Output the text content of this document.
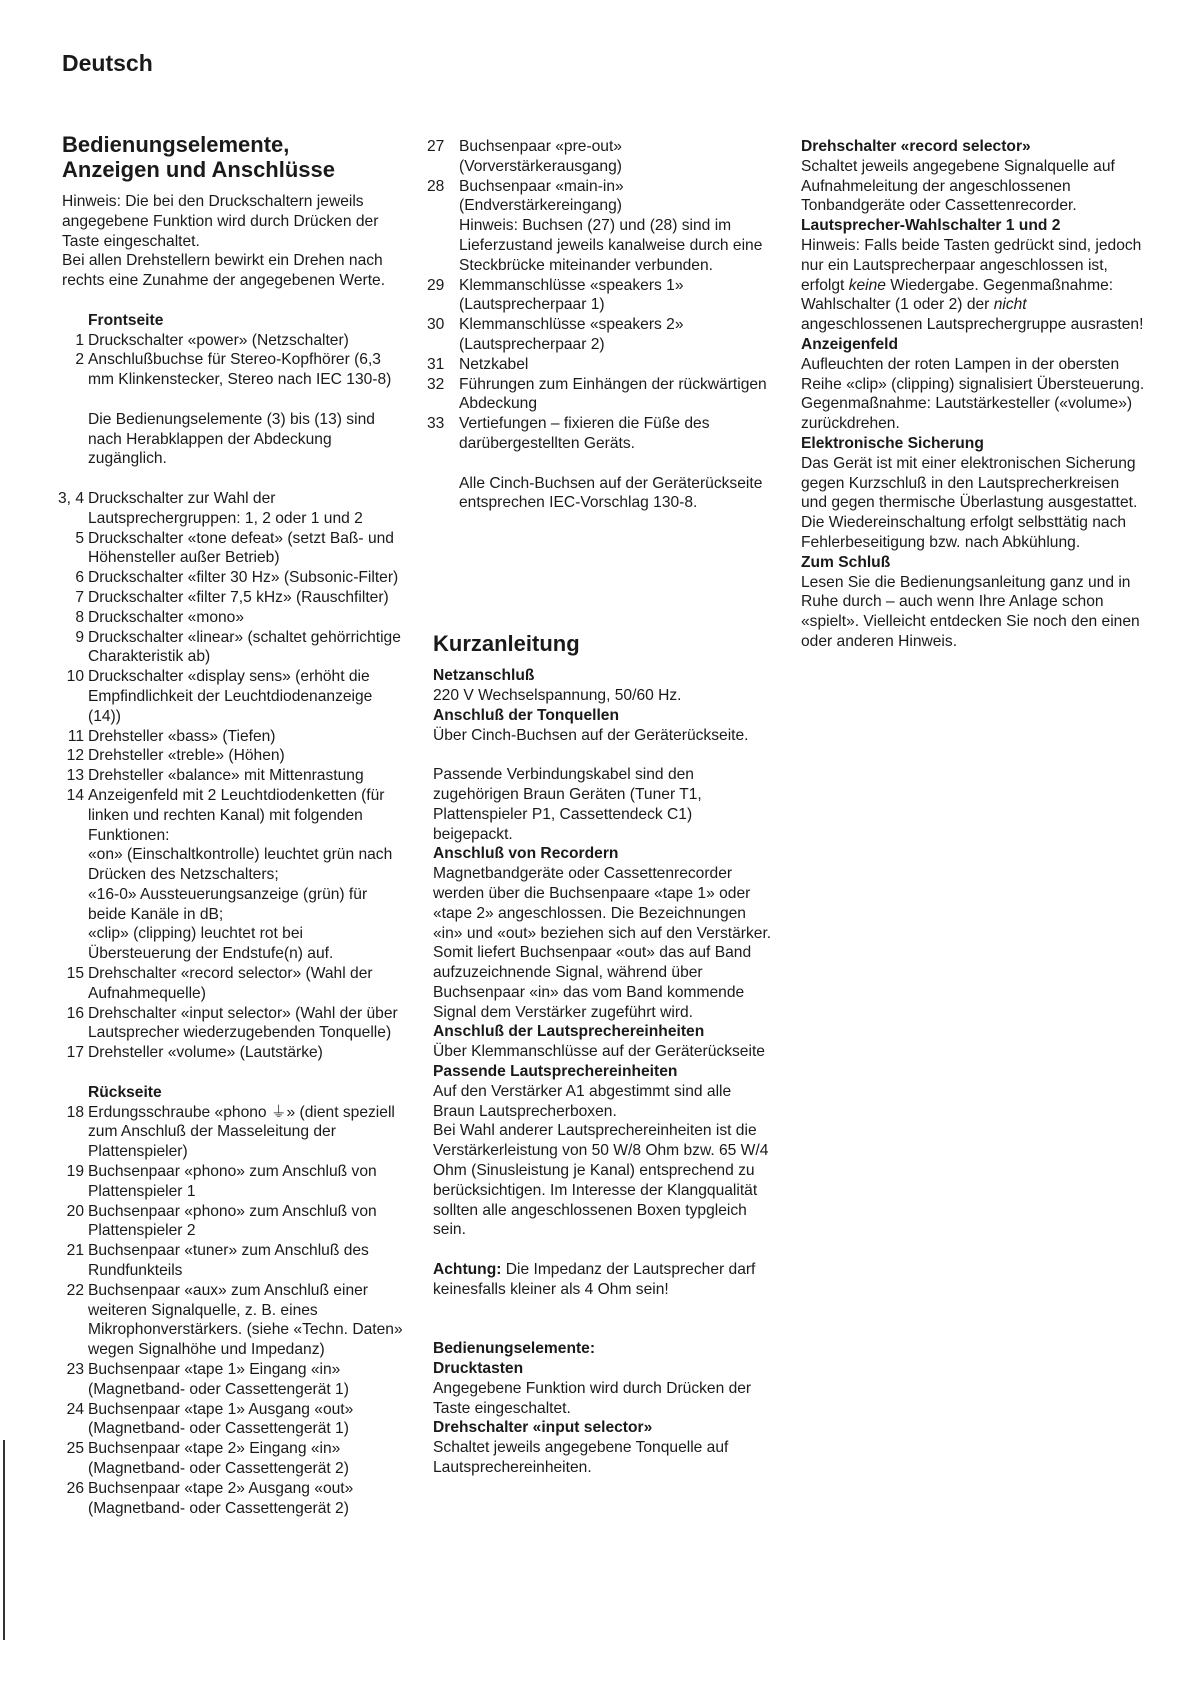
Deutsch
Bedienungselemente,
Anzeigen und Anschlüsse

Hinweis: Die bei den Druckschaltern jeweils angegebene Funktion wird durch Drücken der Taste eingeschaltet.

Bei allen Drehstellern bewirkt ein Drehen nach rechts eine Zunahme der angegebenen Werte.

Frontseite

1 Druckschalter «power» (Netzschalter)
2 Anschlußbuchse für Stereo-Kopfhörer (6,3 mm Klinkenstecker, Stereo nach IEC 130-8)

Die Bedienungselemente (3) bis (13) sind nach Herabklappen der Abdeckung zugänglich.

3, 4 Druckschalter zur Wahl der Lautsprechergruppen: 1, 2 oder 1 und 2
5 Druckschalter «tone defeat» (setzt Baß- und Höhensteller außer Betrieb)
6 Druckschalter «filter 30 Hz» (Subsonic-Filter)
7 Druckschalter «filter 7,5 kHz» (Rauschfilter)
8 Druckschalter «mono»
9 Druckschalter «linear» (schaltet gehörrichtige Charakteristik ab)
10 Druckschalter «display sens» (erhöht die Empfindlichkeit der Leuchtdiodenanzeige (14))
11 Drehsteller «bass» (Tiefen)
12 Drehsteller «treble» (Höhen)
13 Drehsteller «balance» mit Mittenrastung
14 Anzeigenfeld mit 2 Leuchtdiodenketten (für linken und rechten Kanal) mit folgenden Funktionen:

«on» (Einschaltkontrolle) leuchtet grün nach Drücken des Netzschalters;

«16-0» Aussteuerungsanzeige (grün) für beide Kanäle in dB;

«clip» (clipping) leuchtet rot bei Übersteuerung der Endstufe(n) auf.

15 Drehschalter «record selector» (Wahl der Aufnahmequelle)
16 Drehschalter «input selector» (Wahl der über Lautsprecher wiederzugebenden Tonquelle)
17 Drehsteller «volume» (Lautstärke)

Rückseite

18 Erdungsschraube «phono ⏚» (dient speziell zum Anschluß der Masseleitung der Plattenspieler)
19 Buchsenpaar «phono» zum Anschluß von Plattenspieler 1
20 Buchsenpaar «phono» zum Anschluß von Plattenspieler 2
21 Buchsenpaar «tuner» zum Anschluß des Rundfunkteils
22 Buchsenpaar «aux» zum Anschluß einer weiteren Signalquelle, z. B. eines Mikrophonverstärkers. (siehe «Techn. Daten» wegen Signalhöhe und Impedanz)
23 Buchsenpaar «tape 1» Eingang «in» (Magnetband- oder Cassettengerät 1)
24 Buchsenpaar «tape 1» Ausgang «out» (Magnetband- oder Cassettengerät 1)
25 Buchsenpaar «tape 2» Eingang «in» (Magnetband- oder Cassettengerät 2)
26 Buchsenpaar «tape 2» Ausgang «out» (Magnetband- oder Cassettengerät 2)
27 Buchsenpaar «pre-out» (Vorverstärkerausgang)
28 Buchsenpaar «main-in» (Endverstärkereingang)

Hinweis: Buchsen (27) und (28) sind im Lieferzustand jeweils kanalweise durch eine Steckbrücke miteinander verbunden.

29 Klemmanschlüsse «speakers 1» (Lautsprecherpaar 1)
30 Klemmanschlüsse «speakers 2» (Lautsprecherpaar 2)
31 Netzkabel
32 Führungen zum Einhängen der rückwärtigen Abdeckung
33 Vertiefungen – fixieren die Füße des darübergestellten Geräts.

Alle Cinch-Buchsen auf der Geräterückseite entsprechen IEC-Vorschlag 130-8.

Kurzanleitung

Netzanschluß

220 V Wechselspannung, 50/60 Hz.

Anschluß der Tonquellen

Über Cinch-Buchsen auf der Geräterückseite.

Passende Verbindungskabel sind den zugehörigen Braun Geräten (Tuner T1, Plattenspieler P1, Cassettendeck C1) beigepackt.

Anschluß von Recordern

Magnetbandgeräte oder Cassettenrecorder werden über die Buchsenpaare «tape 1» oder «tape 2» angeschlossen. Die Bezeichnungen «in» und «out» beziehen sich auf den Verstärker. Somit liefert Buchsenpaar «out» das auf Band aufzuzeichnende Signal, während über Buchsenpaar «in» das vom Band kommende Signal dem Verstärker zugeführt wird.

Anschluß der Lautsprechereinheiten

Über Klemmanschlüsse auf der Geräterückseite

Passende Lautsprechereinheiten

Auf den Verstärker A1 abgestimmt sind alle Braun Lautsprecherboxen.

Bei Wahl anderer Lautsprechereinheiten ist die Verstärkerleistung von 50 W/8 Ohm bzw. 65 W/4 Ohm (Sinusleistung je Kanal) entsprechend zu berücksichtigen. Im Interesse der Klangqualität sollten alle angeschlossenen Boxen typgleich sein.

Achtung: Die Impedanz der Lautsprecher darf keinesfalls kleiner als 4 Ohm sein!

Bedienungselemente:

Drucktasten

Angegebene Funktion wird durch Drücken der Taste eingeschaltet.

Drehschalter «input selector»

Schaltet jeweils angegebene Tonquelle auf Lautsprechereinheiten.

Drehschalter «record selector»

Schaltet jeweils angegebene Signalquelle auf Aufnahmeleitung der angeschlossenen Tonbandgeräte oder Cassettenrecorder.

Lautsprecher-Wahlschalter 1 und 2

Hinweis: Falls beide Tasten gedrückt sind, jedoch nur ein Lautsprecherpaar angeschlossen ist, erfolgt keine Wiedergabe. Gegenmaßnahme: Wahlschalter (1 oder 2) der nicht angeschlossenen Lautsprechergruppe ausrasten!

Anzeigenfeld

Aufleuchten der roten Lampen in der obersten Reihe «clip» (clipping) signalisiert Übersteuerung. Gegenmaßnahme: Lautstärkesteller («volume») zurückdrehen.

Elektronische Sicherung

Das Gerät ist mit einer elektronischen Sicherung gegen Kurzschluß in den Lautsprecherkreisen und gegen thermische Überlastung ausgestattet. Die Wiedereinschaltung erfolgt selbsttätig nach Fehlerbeseitigung bzw. nach Abkühlung.

Zum Schluß

Lesen Sie die Bedienungsanleitung ganz und in Ruhe durch – auch wenn Ihre Anlage schon «spielt». Vielleicht entdecken Sie noch den einen oder anderen Hinweis.
